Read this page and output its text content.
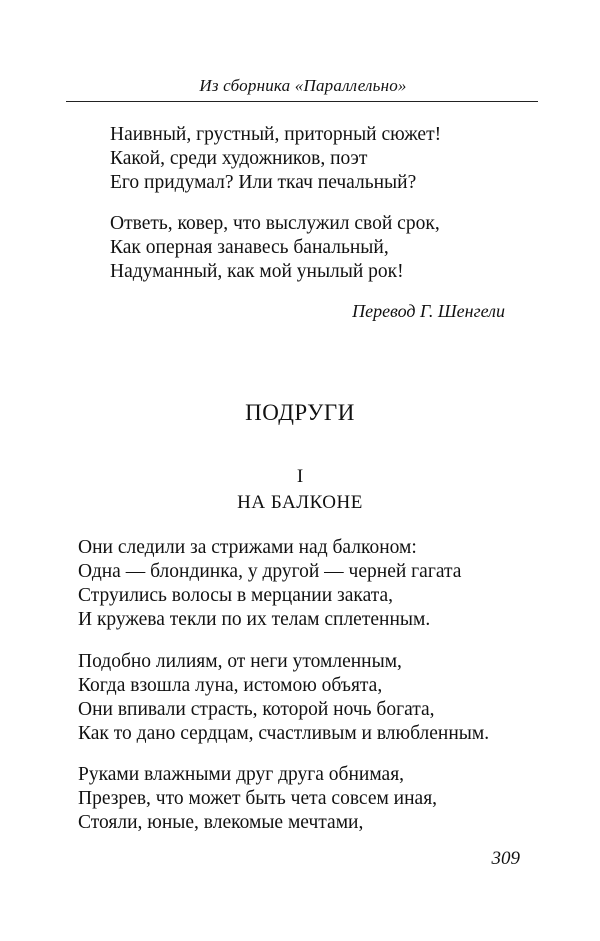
Из сборника «Параллельно»
Наивный, грустный, приторный сюжет!
Какой, среди художников, поэт
Его придумал? Или ткач печальный?
Ответь, ковер, что выслужил свой срок,
Как оперная занавесь банальный,
Надуманный, как мой унылый рок!
Перевод Г. Шенгели
ПОДРУГИ
I
НА БАЛКОНЕ
Они следили за стрижами над балконом:
Одна — блондинка, у другой — черней гагата
Струились волосы в мерцании заката,
И кружева текли по их телам сплетенным.
Подобно лилиям, от неги утомленным,
Когда взошла луна, истомою объята,
Они впивали страсть, которой ночь богата,
Как то дано сердцам, счастливым и влюбленным.
Руками влажными друг друга обнимая,
Презрев, что может быть чета совсем иная,
Стояли, юные, влекомые мечтами,
309
